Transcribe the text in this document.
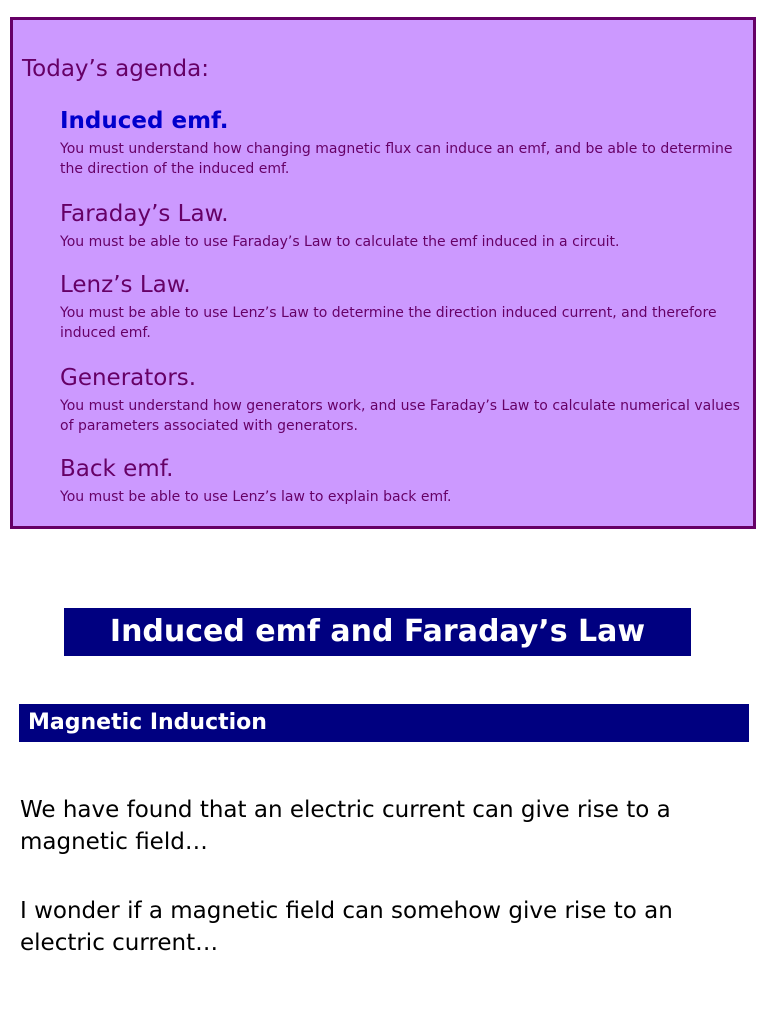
Today’s agenda:
Induced emf.

You must understand how changing magnetic flux can induce an emf, and be able to determine the direction of the induced emf.

Faraday’s Law.

You must be able to use Faraday’s Law to calculate the emf induced in a circuit.

Lenz’s Law.

You must be able to use Lenz’s Law to determine the direction induced current, and therefore induced emf.

Generators.

You must understand how generators work, and use Faraday’s Law to calculate numerical values of parameters associated with generators.

Back emf.

You must be able to use Lenz’s law to explain back emf.

Induced emf and Faraday’s Law
Magnetic Induction

We have found that an electric current can give rise to a magnetic field…

I wonder if a magnetic field can somehow give rise to an electric current…
